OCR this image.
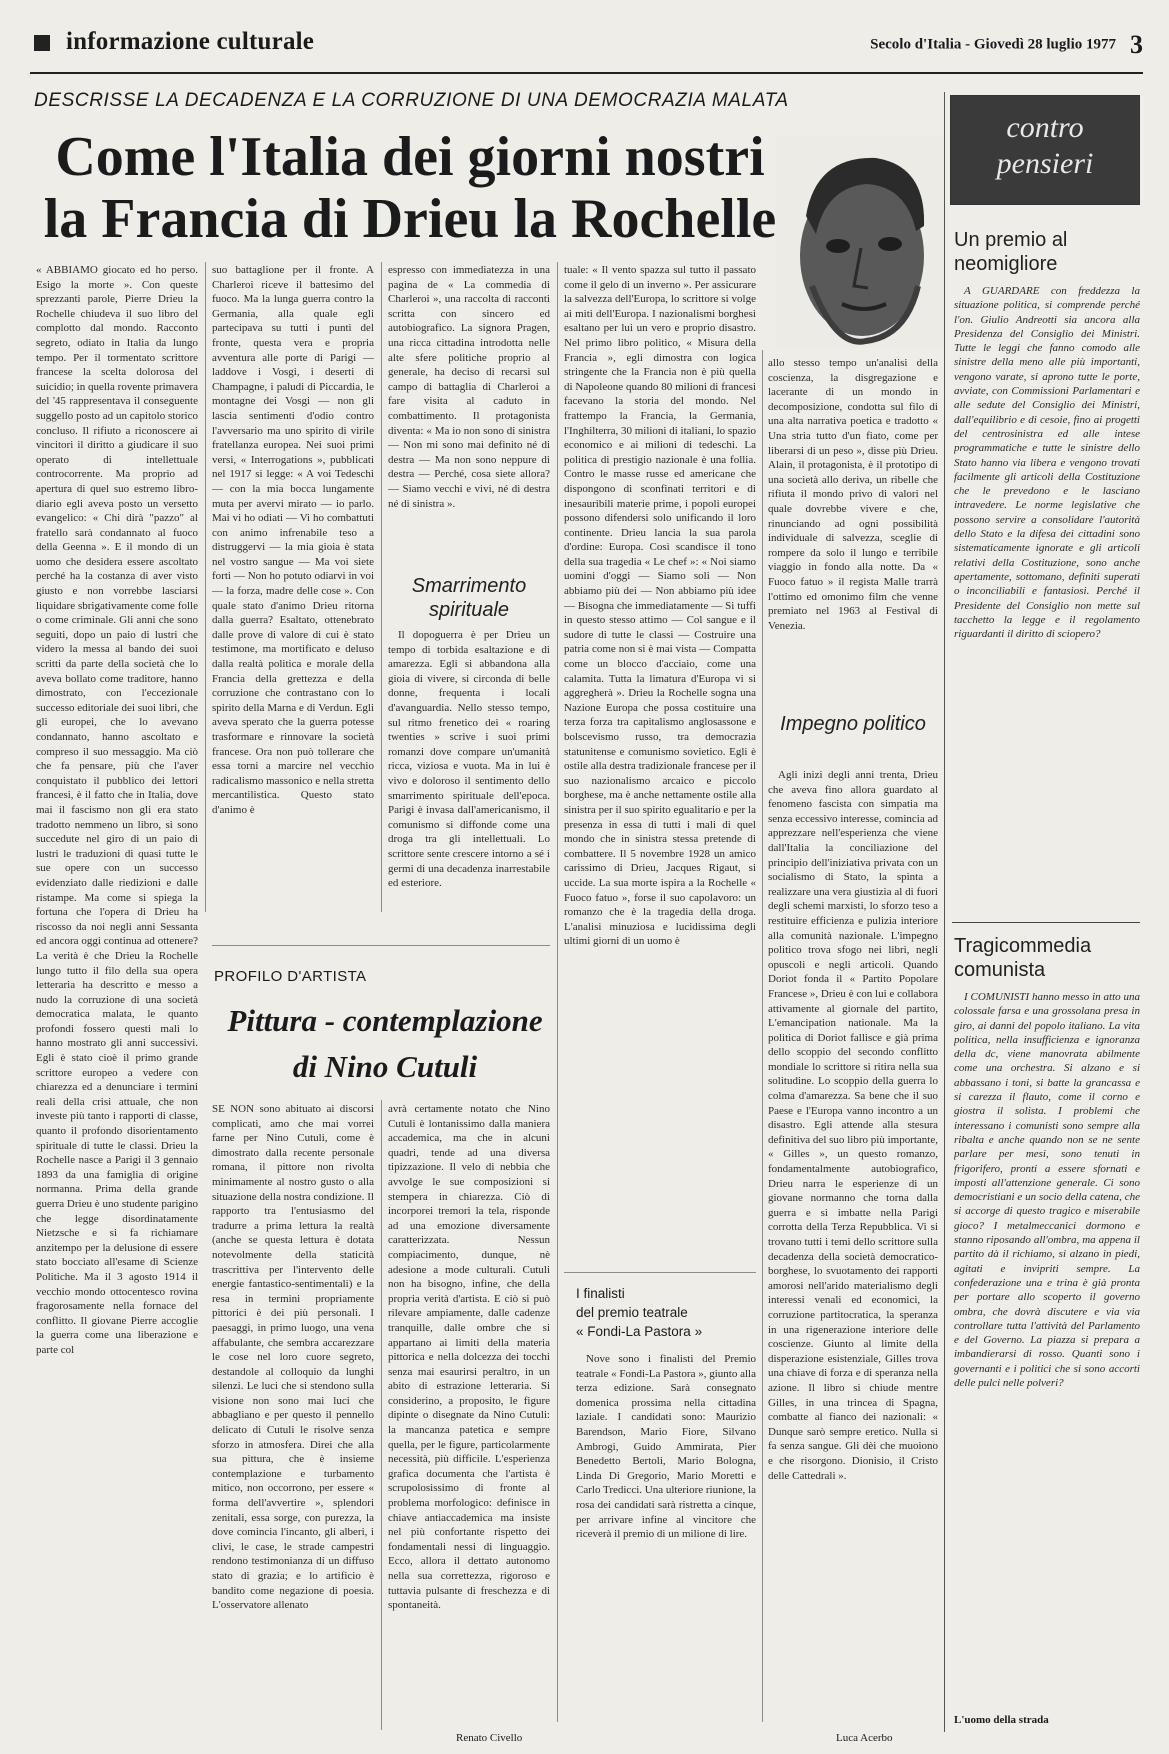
informazione culturale	Secolo d'Italia - Giovedì 28 luglio 1977 3
DESCRISSE LA DECADENZA E LA CORRUZIONE DI UNA DEMOCRAZIA MALATA
Come l'Italia dei giorni nostri
la Francia di Drieu la Rochelle

« ABBIAMO giocato ed ho perso. Esigo la morte ». Con queste sprezzanti parole, Pierre Drieu la Rochelle chiudeva il suo libro del complotto dal mondo. Racconto segreto, odiato in Italia da lungo tempo. Per il tormentato scrittore francese la scelta dolorosa del suicidio; in quella rovente primavera del '45 rappresentava il conseguente suggello posto ad un capitolo storico concluso. Il rifiuto a riconoscere ai vincitori il diritto a giudicare il suo operato di intellettuale controcorrente. Ma proprio ad apertura di quel suo estremo libro-diario egli aveva posto un versetto evangelico: « Chi dirà "pazzo" al fratello sarà condannato al fuoco della Geenna ». E il mondo di un uomo che desidera essere ascoltato perché ha la costanza di aver visto giusto e non vorrebbe lasciarsi liquidare sbrigativamente come folle o come criminale. Gli anni che sono seguiti, dopo un paio di lustri che videro la messa al bando dei suoi scritti da parte della società che lo aveva bollato come traditore, hanno dimostrato, con l'eccezionale successo editoriale dei suoi libri, che gli europei, che lo avevano condannato, hanno ascoltato e compreso il suo messaggio. Ma ciò che fa pensare, più che l'aver conquistato il pubblico dei lettori francesi, è il fatto che in Italia, dove mai il fascismo non gli era stato tradotto nemmeno un libro, si sono succedute nel giro di un paio di lustri le traduzioni di quasi tutte le sue opere con un successo evidenziato dalle riedizioni e dalle ristampe. Ma come si spiega la fortuna che l'opera di Drieu ha riscosso da noi negli anni Sessanta ed ancora oggi continua ad ottenere? La verità è che Drieu la Rochelle lungo tutto il filo della sua opera letteraria ha descritto e messo a nudo la corruzione di una società democratica malata, le quanto profondi fossero questi mali lo hanno mostrato gli anni successivi. Egli è stato cioè il primo grande scrittore europeo a vedere con chiarezza ed a denunciare i termini reali della crisi attuale, che non investe più tanto i rapporti di classe, quanto il profondo disorientamento spirituale di tutte le classi. Drieu la Rochelle nasce a Parigi il 3 gennaio 1893 da una famiglia di origine normanna. Prima della grande guerra Drieu è uno studente parigino che legge disordinatamente Nietzsche e si fa richiamare anzitempo per la delusione di essere stato bocciato all'esame di Scienze Politiche. Ma il 3 agosto 1914 il vecchio mondo ottocentesco rovina fragorosamente nella fornace del conflitto. Il giovane Pierre accoglie la guerra come una liberazione e parte col

suo battaglione per il fronte. A Charleroi riceve il battesimo del fuoco. Ma la lunga guerra contro la Germania, alla quale egli partecipava su tutti i punti del fronte, questa vera e propria avventura alle porte di Parigi — laddove i Vosgi, i deserti di Champagne, i paludi di Piccardia, le montagne dei Vosgi — non gli lascia sentimenti d'odio contro l'avversario ma uno spirito di virile fratellanza europea. Nei suoi primi versi, « Interrogations », pubblicati nel 1917 si legge: « A voi Tedeschi — con la mia bocca lungamente muta per avervi mirato — io parlo. Mai vi ho odiati — Vi ho combattuti con animo infrenabile teso a distruggervi — la mia gioia è stata nel vostro sangue — Ma voi siete forti — Non ho potuto odiarvi in voi — la forza, madre delle cose ». Con quale stato d'animo Drieu ritorna dalla guerra? Esaltato, ottenebrato dalle prove di valore di cui è stato testimone, ma mortificato e deluso dalla realtà politica e morale della Francia della grettezza e della corruzione che contrastano con lo spirito della Marna e di Verdun. Egli aveva sperato che la guerra potesse trasformare e rinnovare la società francese. Ora non può tollerare che essa torni a marcire nel vecchio radicalismo massonico e nella stretta mercantilistica. Questo stato d'animo è

espresso con immediatezza in una pagina de « La commedia di Charleroi », una raccolta di racconti scritta con sincero ed autobiografico. La signora Pragen, una ricca cittadina introdotta nelle alte sfere politiche proprio al generale, ha deciso di recarsi sul campo di battaglia di Charleroi a fare visita al caduto in combattimento. Il protagonista diventa: « Ma io non sono di sinistra — Non mi sono mai definito né di destra — Ma non sono neppure di destra — Perché, cosa siete allora? — Siamo vecchi e vivi, né di destra né di sinistra ».

Smarrimento spirituale

Il dopoguerra è per Drieu un tempo di torbida esaltazione e di amarezza. Egli si abbandona alla gioia di vivere, si circonda di belle donne, frequenta i locali d'avanguardia. Nello stesso tempo, sul ritmo frenetico dei « roaring twenties » scrive i suoi primi romanzi dove compare un'umanità ricca, viziosa e vuota. Ma in lui è vivo e doloroso il sentimento dello smarrimento spirituale dell'epoca. Parigi è invasa dall'americanismo, il comunismo si diffonde come una droga tra gli intellettuali. Lo scrittore sente crescere intorno a sé i germi di una decadenza inarrestabile ed esteriore.

tuale: « Il vento spazza sul tutto il passato come il gelo di un inverno ». Per assicurare la salvezza dell'Europa, lo scrittore si volge ai miti dell'Europa. I nazionalismi borghesi esaltano per lui un vero e proprio disastro. Nel primo libro politico, « Misura della Francia », egli dimostra con logica stringente che la Francia non è più quella di Napoleone quando 80 milioni di francesi facevano la storia del mondo. Nel frattempo la Francia, la Germania, l'Inghilterra, 30 milioni di italiani, lo spazio economico e ai milioni di tedeschi. La politica di prestigio nazionale è una follia. Contro le masse russe ed americane che dispongono di sconfinati territori e di inesauribili materie prime, i popoli europei possono difendersi solo unificando il loro continente. Drieu lancia la sua parola d'ordine: Europa. Così scandisce il tono della sua tragedia « Le chef »: « Noi siamo uomini d'oggi — Siamo soli — Non abbiamo più dei — Non abbiamo più idee — Bisogna che immediatamente — Si tuffi in questo stesso attimo — Col sangue e il sudore di tutte le classi — Costruire una patria come non si è mai vista — Compatta come un blocco d'acciaio, come una calamita. Tutta la limatura d'Europa vi si aggregherà ». Drieu la Rochelle sogna una Nazione Europa che possa costituire una terza forza tra capitalismo anglosassone e bolscevismo russo, tra democrazia statunitense e comunismo sovietico. Egli è ostile alla destra tradizionale francese per il suo nazionalismo arcaico e piccolo borghese, ma è anche nettamente ostile alla sinistra per il suo spirito egualitario e per la presenza in essa di tutti i mali di quel mondo che in sinistra stessa pretende di combattere. Il 5 novembre 1928 un amico carissimo di Drieu, Jacques Rigaut, si uccide. La sua morte ispira a la Rochelle « Fuoco fatuo », forse il suo capolavoro: un romanzo che è la tragedia della droga. L'analisi minuziosa e lucidissima degli ultimi giorni di un uomo è

allo stesso tempo un'analisi della coscienza, la disgregazione e lacerante di un mondo in decomposizione, condotta sul filo di una alta narrativa poetica e tradotto « Una stria tutto d'un fiato, come per liberarsi di un peso », disse più Drieu. Alain, il protagonista, è il prototipo di una società allo deriva, un ribelle che rifiuta il mondo privo di valori nel quale dovrebbe vivere e che, rinunciando ad ogni possibilità individuale di salvezza, sceglie di rompere da solo il lungo e terribile viaggio in fondo alla notte. Da « Fuoco fatuo » il regista Malle trarrà l'ottimo ed omonimo film che venne premiato nel 1963 al Festival di Venezia.

Impegno politico

Agli inizi degli anni trenta, Drieu che aveva fino allora guardato al fenomeno fascista con simpatia ma senza eccessivo interesse, comincia ad apprezzare nell'esperienza che viene dall'Italia la conciliazione del principio dell'iniziativa privata con un socialismo di Stato, la spinta a realizzare una vera giustizia al di fuori degli schemi marxisti, lo sforzo teso a restituire efficienza e pulizia interiore alla comunità nazionale. L'impegno politico trova sfogo nei libri, negli opuscoli e negli articoli. Quando Doriot fonda il « Partito Popolare Francese », Drieu è con lui e collabora attivamente al giornale del partito, L'emancipation nationale. Ma la politica di Doriot fallisce e già prima dello scoppio del secondo conflitto mondiale lo scrittore si ritira nella sua solitudine. Lo scoppio della guerra lo colma d'amarezza. Sa bene che il suo Paese e l'Europa vanno incontro a un disastro. Egli attende alla stesura definitiva del suo libro più importante, « Gilles », un questo romanzo, fondamentalmente autobiografico, Drieu narra le esperienze di un giovane normanno che torna dalla guerra e si imbatte nella Parigi corrotta della Terza Repubblica. Vi si trovano tutti i temi dello scrittore sulla decadenza della società democratico-borghese, lo svuotamento dei rapporti amorosi nell'arido materialismo degli interessi venali ed economici, la corruzione partitocratica, la speranza in una rigenerazione interiore delle coscienze. Giunto al limite della disperazione esistenziale, Gilles trova una chiave di forza e di speranza nella azione. Il libro si chiude mentre Gilles, in una trincea di Spagna, combatte al fianco dei nazionali: « Dunque sarò sempre eretico. Nulla si fa senza sangue. Gli dèi che muoiono e che risorgono. Dionisio, il Cristo delle Cattedrali ».

Luca Acerbo
PROFILO D'ARTISTA
Pittura - contemplazione
di Nino Cutuli

SE NON sono abituato ai discorsi complicati, amo che mai vorrei farne per Nino Cutuli, come è dimostrato dalla recente personale romana, il pittore non rivolta minimamente al nostro gusto o alla situazione della nostra condizione. Il rapporto tra l'entusiasmo del tradurre a prima lettura la realtà (anche se questa lettura è dotata notevolmente della staticità trascrittiva per l'intervento delle energie fantastico-sentimentali) e la resa in termini propriamente pittorici è dei più personali. I paesaggi, in primo luogo, una vena affabulante, che sembra accarezzare le cose nel loro cuore segreto, destandole al colloquio da lunghi silenzi. Le luci che si stendono sulla visione non sono mai luci che abbagliano e per questo il pennello delicato di Cutuli le risolve senza sforzo in atmosfera. Direi che alla sua pittura, che è insieme contemplazione e turbamento mitico, non occorrono, per essere « forma dell'avvertire », splendori zenitali, essa sorge, con purezza, la dove comincia l'incanto, gli alberi, i clivi, le case, le strade campestri rendono testimonianza di un diffuso stato di grazia; e lo artificio è bandito come negazione di poesia. L'osservatore allenato

avrà certamente notato che Nino Cutuli è lontanissimo dalla maniera accademica, ma che in alcuni quadri, tende ad una diversa tipizzazione. Il velo di nebbia che avvolge le sue composizioni si stempera in chiarezza. Ciò di incorporei tremori la tela, risponde ad una emozione diversamente caratterizzata. Nessun compiacimento, dunque, nè adesione a mode culturali. Cutuli non ha bisogno, infine, che della propria verità d'artista. E ciò si può rilevare ampiamente, dalle cadenze tranquille, dalle ombre che si appartano ai limiti della materia pittorica e nella dolcezza dei tocchi senza mai esaurirsi peraltro, in un abito di estrazione letteraria. Si considerino, a proposito, le figure dipinte o disegnate da Nino Cutuli: la mancanza patetica e sempre quella, per le figure, particolarmente necessità, più difficile. L'esperienza grafica documenta che l'artista è scrupolosissimo di fronte al problema morfologico: definisce in chiave antiaccademica ma insiste nel più confortante rispetto dei fondamentali nessi di linguaggio. Ecco, allora il dettato autonomo nella sua correttezza, rigoroso e tuttavia pulsante di freschezza e di spontaneità.

Renato Civello
I finalisti
del premio teatrale
« Fondi-La Pastora »

Nove sono i finalisti del Premio teatrale « Fondi-La Pastora », giunto alla terza edizione. Sarà consegnato domenica prossima nella cittadina laziale. I candidati sono: Maurizio Barendson, Mario Fiore, Silvano Ambrogi, Guido Ammirata, Pier Benedetto Bertoli, Mario Bologna, Linda Di Gregorio, Mario Moretti e Carlo Tredicci. Una ulteriore riunione, la rosa dei candidati sarà ristretta a cinque, per arrivare infine al vincitore che riceverà il premio di un milione di lire.

contro
pensieri
Un premio al neomigliore

A GUARDARE con freddezza la situazione politica, si comprende perché l'on. Giulio Andreotti sia ancora alla Presidenza del Consiglio dei Ministri. Tutte le leggi che fanno comodo alle sinistre della meno alle più importanti, vengono varate, si aprono tutte le porte, avviate, con Commissioni Parlamentari e alle sedute del Consiglio dei Ministri, dall'equilibrio e di cesoie, fino ai progetti del centrosinistra ed alle intese programmatiche e tutte le sinistre dello Stato hanno via libera e vengono trovati facilmente gli articoli della Costituzione che le prevedono e le lasciano intravedere. Le norme legislative che possono servire a consolidare l'autorità dello Stato e la difesa dei cittadini sono sistematicamente ignorate e gli articoli relativi della Costituzione, sono anche apertamente, sottomano, definiti superati o inconciliabili e fantasiosi. Perché il Presidente del Consiglio non mette sul tacchetto la legge e il regolamento riguardanti il diritto di sciopero?

Tragicommedia comunista

I COMUNISTI hanno messo in atto una colossale farsa e una grossolana presa in giro, ai danni del popolo italiano. La vita politica, nella insufficienza e ignoranza della dc, viene manovrata abilmente come una orchestra. Si alzano e si abbassano i toni, si batte la grancassa e si carezza il flauto, come il corno e giostra il solista. I problemi che interessano i comunisti sono sempre alla ribalta e anche quando non se ne sente parlare per mesi, sono tenuti in frigorifero, pronti a essere sfornati e imposti all'attenzione generale. Ci sono democristiani e un socio della catena, che si accorge di questo tragico e miserabile gioco? I metalmeccanici dormono e stanno riposando all'ombra, ma appena il partito dà il richiamo, si alzano in piedi, agitati e invipriti sempre. La confederazione una e trina è già pronta per portare allo scoperto il governo ombra, che dovrà discutere e via via controllare tutta l'attività del Parlamento e del Governo. La piazza si prepara a imbandierarsi di rosso. Quanti sono i governanti e i politici che si sono accorti delle pulci nelle polveri?

L'uomo della strada
